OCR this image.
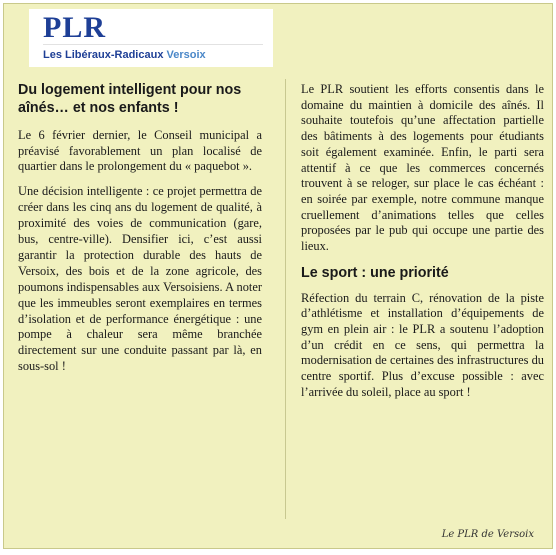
PLR
Les Libéraux-Radicaux Versoix
Du logement intelligent pour nos aînés… et nos enfants !

Le 6 février dernier, le Conseil municipal a préavisé favorablement un plan localisé de quartier dans le prolongement du « paquebot ».

Une décision intelligente : ce projet permettra de créer dans les cinq ans du logement de qualité, à proximité des voies de communication (gare, bus, centre-ville). Densifier ici, c’est aussi garantir la protection durable des hauts de Versoix, des bois et de la zone agricole, des poumons indispensables aux Versoisiens. A noter que les immeubles seront exemplaires en termes d’isolation et de performance énergétique : une pompe à chaleur sera même branchée directement sur une conduite passant par là, en sous-sol !

Le PLR soutient les efforts consentis dans le domaine du maintien à domicile des aînés. Il souhaite toutefois qu’une affectation partielle des bâtiments à des logements pour étudiants soit également examinée. Enfin, le parti sera attentif à ce que les commerces concernés trouvent à se reloger, sur place le cas échéant : en soirée par exemple, notre commune manque cruellement d’animations telles que celles proposées par le pub qui occupe une partie des lieux.

Le sport : une priorité

Réfection du terrain C, rénovation de la piste d’athlétisme et installation d’équipements de gym en plein air : le PLR a soutenu l’adoption d’un crédit en ce sens, qui permettra la modernisation de certaines des infrastructures du centre sportif. Plus d’excuse possible : avec l’arrivée du soleil, place au sport !

Le PLR de Versoix
